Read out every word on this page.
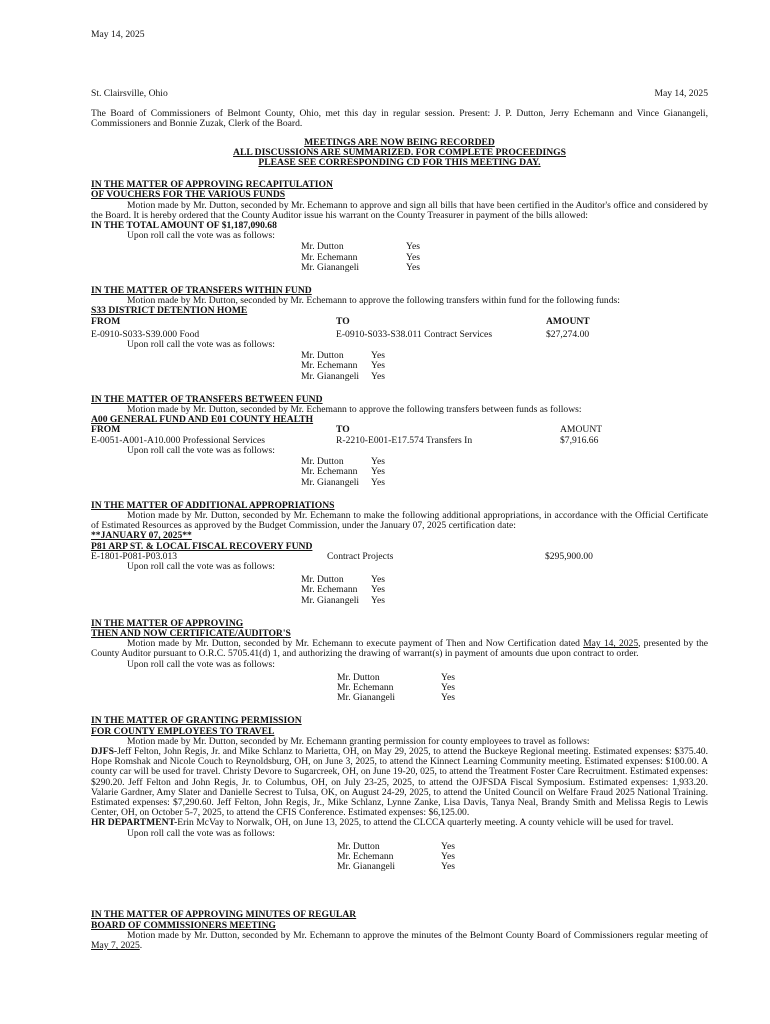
May 14, 2025
St. Clairsville, Ohio	May 14, 2025

The Board of Commissioners of Belmont County, Ohio, met this day in regular session. Present: J. P. Dutton, Jerry Echemann and Vince Gianangeli, Commissioners and Bonnie Zuzak, Clerk of the Board.

MEETINGS ARE NOW BEING RECORDED
ALL DISCUSSIONS ARE SUMMARIZED. FOR COMPLETE PROCEEDINGS
PLEASE SEE CORRESPONDING CD FOR THIS MEETING DAY.
IN THE MATTER OF APPROVING RECAPITULATION
OF VOUCHERS FOR THE VARIOUS FUNDS

Motion made by Mr. Dutton, seconded by Mr. Echemann to approve and sign all bills that have been certified in the Auditor's office and considered by the Board. It is hereby ordered that the County Auditor issue his warrant on the County Treasurer in payment of the bills allowed:

IN THE TOTAL AMOUNT OF $1,187,090.68
Upon roll call the vote was as follows:
Mr. Dutton	Yes
Mr. Echemann	Yes
Mr. Gianangeli	Yes
IN THE MATTER OF TRANSFERS WITHIN FUND

Motion made by Mr. Dutton, seconded by Mr. Echemann to approve the following transfers within fund for the following funds:

S33 DISTRICT DETENTION HOME
FROM	TO	AMOUNT
E-0910-S033-S39.000 Food	E-0910-S033-S38.011 Contract Services	$27,274.00
Upon roll call the vote was as follows:
Mr. Dutton	Yes
Mr. Echemann	Yes
Mr. Gianangeli	Yes
IN THE MATTER OF TRANSFERS BETWEEN FUND

Motion made by Mr. Dutton, seconded by Mr. Echemann to approve the following transfers between funds as follows:

A00 GENERAL FUND AND E01 COUNTY HEALTH
FROM	TO	AMOUNT
E-0051-A001-A10.000 Professional Services	R-2210-E001-E17.574 Transfers In	$7,916.66
Upon roll call the vote was as follows:
Mr. Dutton	Yes
Mr. Echemann	Yes
Mr. Gianangeli	Yes
IN THE MATTER OF ADDITIONAL APPROPRIATIONS

Motion made by Mr. Dutton, seconded by Mr. Echemann to make the following additional appropriations, in accordance with the Official Certificate of Estimated Resources as approved by the Budget Commission, under the January 07, 2025 certification date:

**JANUARY 07, 2025**
P81 ARP ST. & LOCAL FISCAL RECOVERY FUND
E-1801-P081-P03.013	Contract Projects	$295,900.00
Upon roll call the vote was as follows:
Mr. Dutton	Yes
Mr. Echemann	Yes
Mr. Gianangeli	Yes
IN THE MATTER OF APPROVING
THEN AND NOW CERTIFICATE/AUDITOR'S

Motion made by Mr. Dutton, seconded by Mr. Echemann to execute payment of Then and Now Certification dated May 14, 2025, presented by the County Auditor pursuant to O.R.C. 5705.41(d) 1, and authorizing the drawing of warrant(s) in payment of amounts due upon contract to order.

Upon roll call the vote was as follows:
Mr. Dutton	Yes
Mr. Echemann	Yes
Mr. Gianangeli	Yes
IN THE MATTER OF GRANTING PERMISSION
FOR COUNTY EMPLOYEES TO TRAVEL

Motion made by Mr. Dutton, seconded by Mr. Echemann granting permission for county employees to travel as follows:

DJFS-Jeff Felton, John Regis, Jr. and Mike Schlanz to Marietta, OH, on May 29, 2025, to attend the Buckeye Regional meeting. Estimated expenses: $375.40. Hope Romshak and Nicole Couch to Reynoldsburg, OH, on June 3, 2025, to attend the Kinnect Learning Community meeting. Estimated expenses: $100.00. A county car will be used for travel. Christy Devore to Sugarcreek, OH, on June 19-20, 025, to attend the Treatment Foster Care Recruitment. Estimated expenses: $290.20. Jeff Felton and John Regis, Jr. to Columbus, OH, on July 23-25, 2025, to attend the OJFSDA Fiscal Symposium. Estimated expenses: 1,933.20. Valarie Gardner, Amy Slater and Danielle Secrest to Tulsa, OK, on August 24-29, 2025, to attend the United Council on Welfare Fraud 2025 National Training. Estimated expenses: $7,290.60. Jeff Felton, John Regis, Jr., Mike Schlanz, Lynne Zanke, Lisa Davis, Tanya Neal, Brandy Smith and Melissa Regis to Lewis Center, OH, on October 5-7, 2025, to attend the CFIS Conference. Estimated expenses: $6,125.00.

HR DEPARTMENT-Erin McVay to Norwalk, OH, on June 13, 2025, to attend the CLCCA quarterly meeting. A county vehicle will be used for travel.

Upon roll call the vote was as follows:
Mr. Dutton	Yes
Mr. Echemann	Yes
Mr. Gianangeli	Yes
IN THE MATTER OF APPROVING MINUTES OF REGULAR
BOARD OF COMMISSIONERS MEETING

Motion made by Mr. Dutton, seconded by Mr. Echemann to approve the minutes of the Belmont County Board of Commissioners regular meeting of May 7, 2025.
